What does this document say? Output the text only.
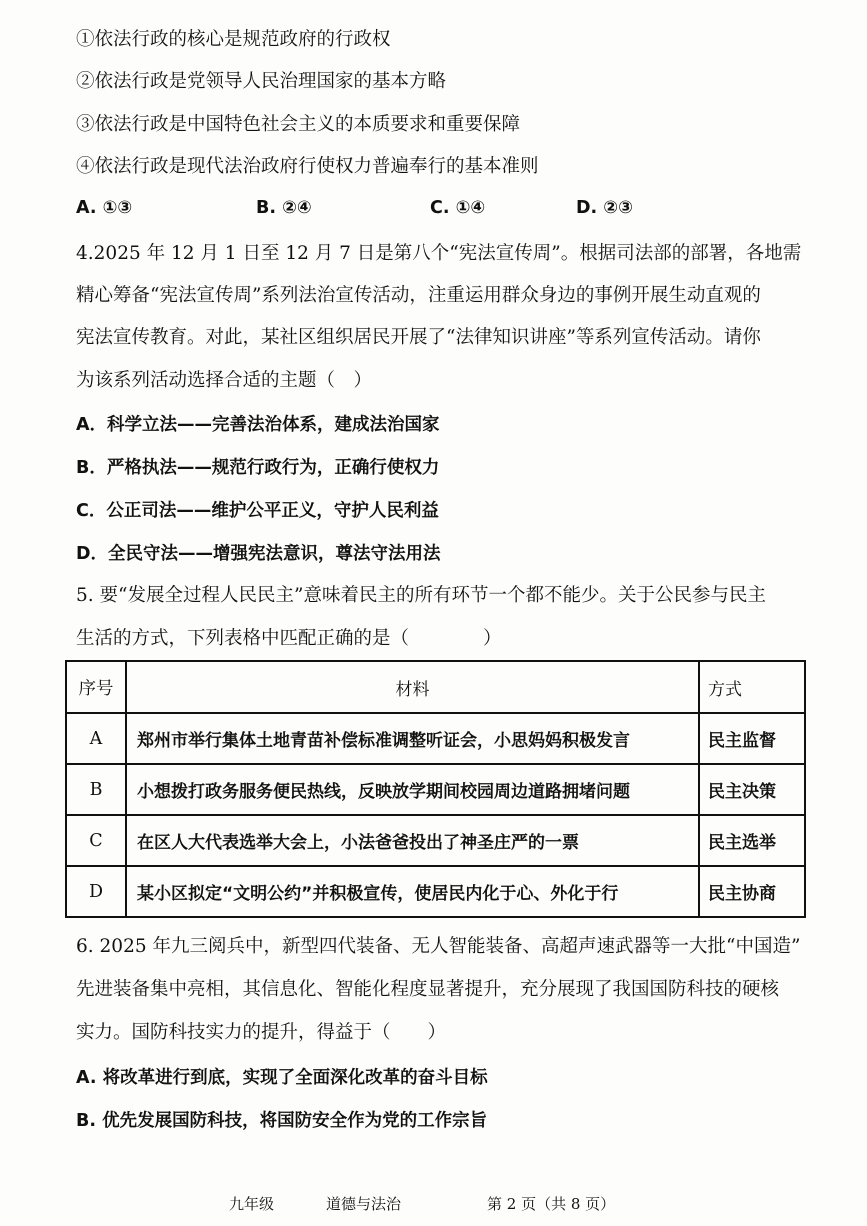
①依法行政的核心是规范政府的行政权
②依法行政是党领导人民治理国家的基本方略
③依法行政是中国特色社会主义的本质要求和重要保障
④依法行政是现代法治政府行使权力普遍奉行的基本准则
A. ①③	B. ②④	C. ①④	D. ②③
4.2025 年 12 月 1 日至 12 月 7 日是第八个“宪法宣传周”。根据司法部的部署，各地需
精心筹备“宪法宣传周”系列法治宣传活动，注重运用群众身边的事例开展生动直观的
宪法宣传教育。对此，某社区组织居民开展了“法律知识讲座”等系列宣传活动。请你
为该系列活动选择合适的主题（　）
A．科学立法——完善法治体系，建成法治国家
B．严格执法——规范行政行为，正确行使权力
C．公正司法——维护公平正义，守护人民利益
D．全民守法——增强宪法意识，尊法守法用法
5. 要“发展全过程人民民主”意味着民主的所有环节一个都不能少。关于公民参与民主
生活的方式，下列表格中匹配正确的是（　　　　）
序号	材料	方式
A	郑州市举行集体土地青苗补偿标准调整听证会，小思妈妈积极发言	民主监督
B	小想拨打政务服务便民热线，反映放学期间校园周边道路拥堵问题	民主决策
C	在区人大代表选举大会上，小法爸爸投出了神圣庄严的一票	民主选举
D	某小区拟定“文明公约”并积极宣传，使居民内化于心、外化于行	民主协商
6. 2025 年九三阅兵中，新型四代装备、无人智能装备、高超声速武器等一大批“中国造”
先进装备集中亮相，其信息化、智能化程度显著提升，充分展现了我国国防科技的硬核
实力。国防科技实力的提升，得益于（　　）
A. 将改革进行到底，实现了全面深化改革的奋斗目标
B. 优先发展国防科技，将国防安全作为党的工作宗旨
九年级	道德与法治	第 2 页（共 8 页）
